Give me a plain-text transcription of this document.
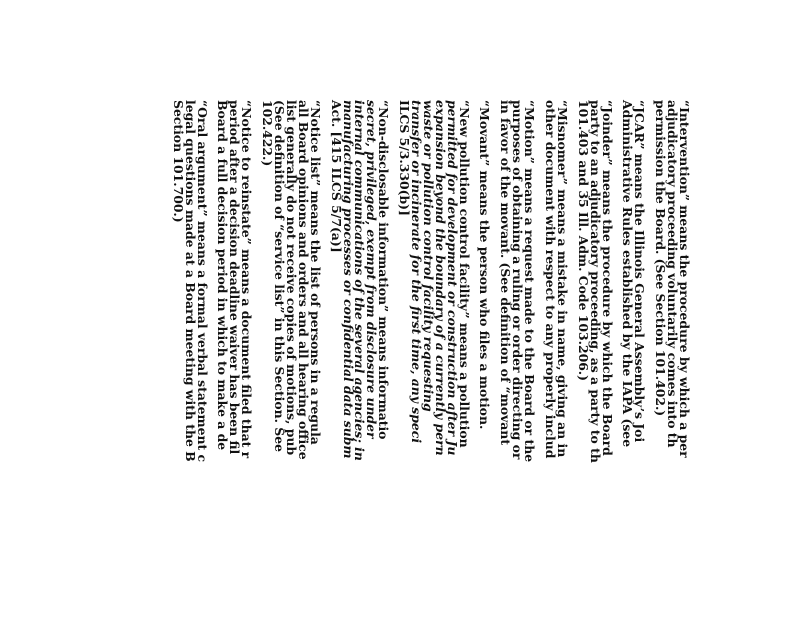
“Intervention” means the procedure by which a per
adjudicatory proceeding voluntarily comes into th
permission the Board. (See Section 101.402.)
“JCAR” means the Illinois General Assembly’s Joi
Administrative Rules established by the IAPA (see
“Joinder” means the procedure by which the Board
party to an adjudicatory proceeding, as a party to th
101.403 and 35 Ill. Adm. Code 103.206.)
“Misnomer” means a mistake in name, giving an in
other document with respect to any properly includ
“Motion” means a request made to the Board or the
purposes of obtaining a ruling or order directing or
in favor of the movant. (See definition of “movant
“Movant” means the person who files a motion.
“New pollution control facility” means a pollution
permitted for development or construction after Ju
expansion beyond the boundary of a currently pern
waste or pollution control facility requesting
transfer or incinerate for the first time, any speci
ILCS 5/3.330(b)]
“Non-disclosable information” means informatio
secret, privileged, exempt from disclosure under
internal communications of the several agencies; in
manufacturing processes or confidential data subm
Act. [415 ILCS 5/7(a)]
“Notice list” means the list of persons in a regula
all Board opinions and orders and all hearing office
list generally do not receive copies of motions, pub
(See definition of “service list” in this Section. See
102.422.)
“Notice to reinstate” means a document filed that r
period after a decision deadline waiver has been fil
Board a full decision period in which to make a de
“Oral argument” means a formal verbal statement c
legal questions made at a Board meeting with the B
Section 101.700.)
